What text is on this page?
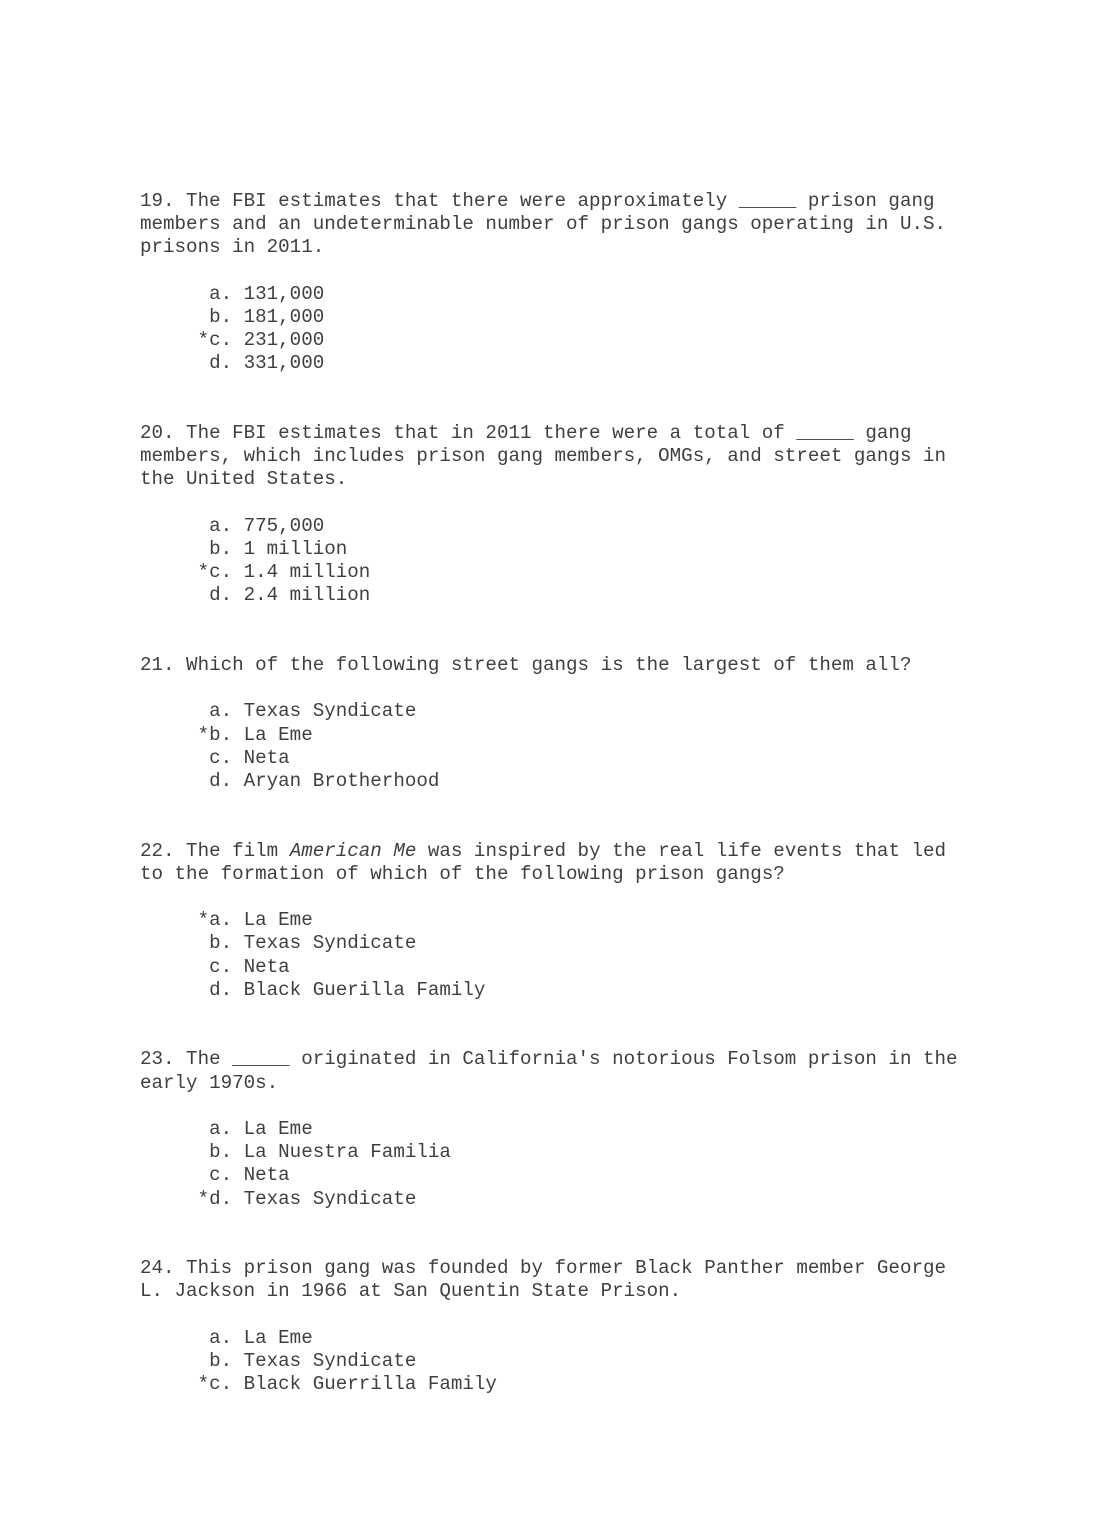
19. The FBI estimates that there were approximately _____ prison gang
members and an undeterminable number of prison gangs operating in U.S.
prisons in 2011.
a. 131,000
b. 181,000
*c. 231,000
d. 331,000
20. The FBI estimates that in 2011 there were a total of _____ gang
members, which includes prison gang members, OMGs, and street gangs in
the United States.
a. 775,000
b. 1 million
*c. 1.4 million
d. 2.4 million
21. Which of the following street gangs is the largest of them all?
a. Texas Syndicate
*b. La Eme
c. Neta
d. Aryan Brotherhood
22. The film American Me was inspired by the real life events that led
to the formation of which of the following prison gangs?
*a. La Eme
b. Texas Syndicate
c. Neta
d. Black Guerilla Family
23. The _____ originated in California's notorious Folsom prison in the
early 1970s.
a. La Eme
b. La Nuestra Familia
c. Neta
*d. Texas Syndicate
24. This prison gang was founded by former Black Panther member George
L. Jackson in 1966 at San Quentin State Prison.
a. La Eme
b. Texas Syndicate
*c. Black Guerrilla Family
